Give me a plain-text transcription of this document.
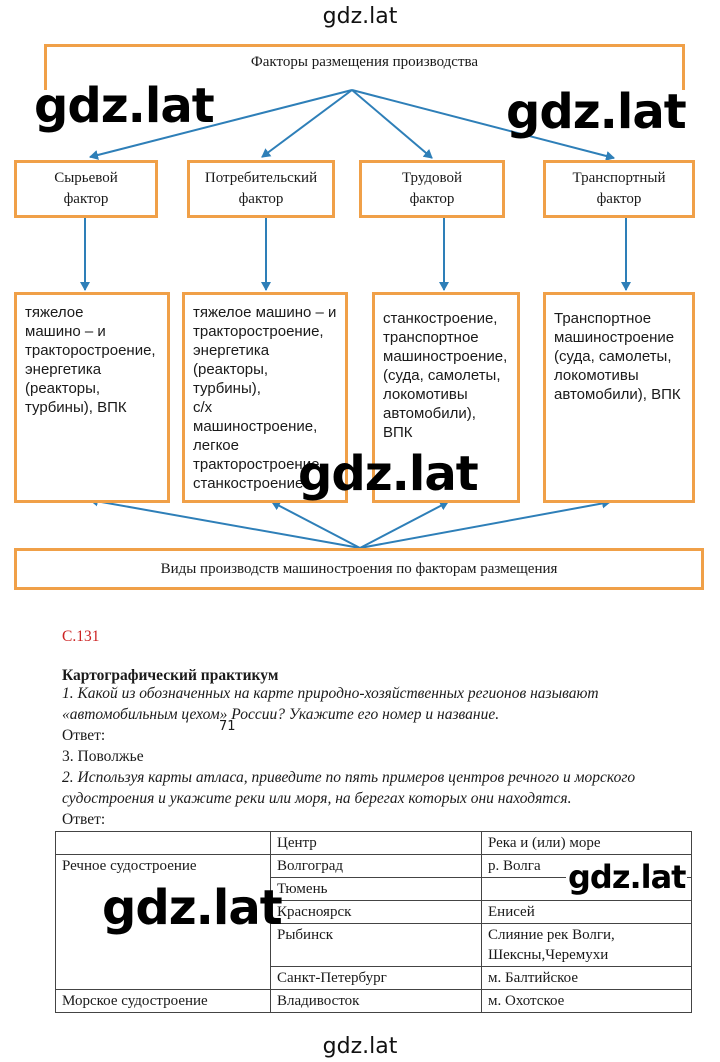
gdz.lat
Факторы размещения производства
Сырьевой
фактор
Потребительский
фактор
Трудовой
фактор
Транспортный
фактор
тяжелое
машино – и
тракторостроение,
энергетика
(реакторы,
турбины), ВПК
тяжелое машино – и
тракторостроение,
энергетика
(реакторы, турбины),
с/х машиностроение,
легкое
тракторостроение,
станкостроение
станкостроение,
транспортное
машиностроение,
(суда, самолеты,
локомотивы
автомобили),
ВПК
Транспортное
машиностроение
(суда, самолеты,
локомотивы
автомобили), ВПК
Виды производств машиностроения по факторам размещения
С.131
Картографический практикум
1. Какой из обозначенных на карте природно-хозяйственных регионов называют
«автомобильным цехом» России? Укажите его номер и название.
71
Ответ:
3. Поволжье
2. Используя карты атласа, приведите по пять примеров центров речного и морского
судостроения и укажите реки или моря, на берегах которых они находятся.
Ответ:
	Центр	Река и (или) море
Речное судостроение	Волгоград	р. Волга
	Тюмень	
	Красноярск	Енисей
	Рыбинск	Слияние рек Волги,
Шексны,Черемухи
	Санкт-Петербург	м. Балтийское
Морское судостроение	Владивосток	м. Охотское
gdz.lat	gdz.lat
gdz.lat
gdz.lat
gdz.lat
gdz.lat
